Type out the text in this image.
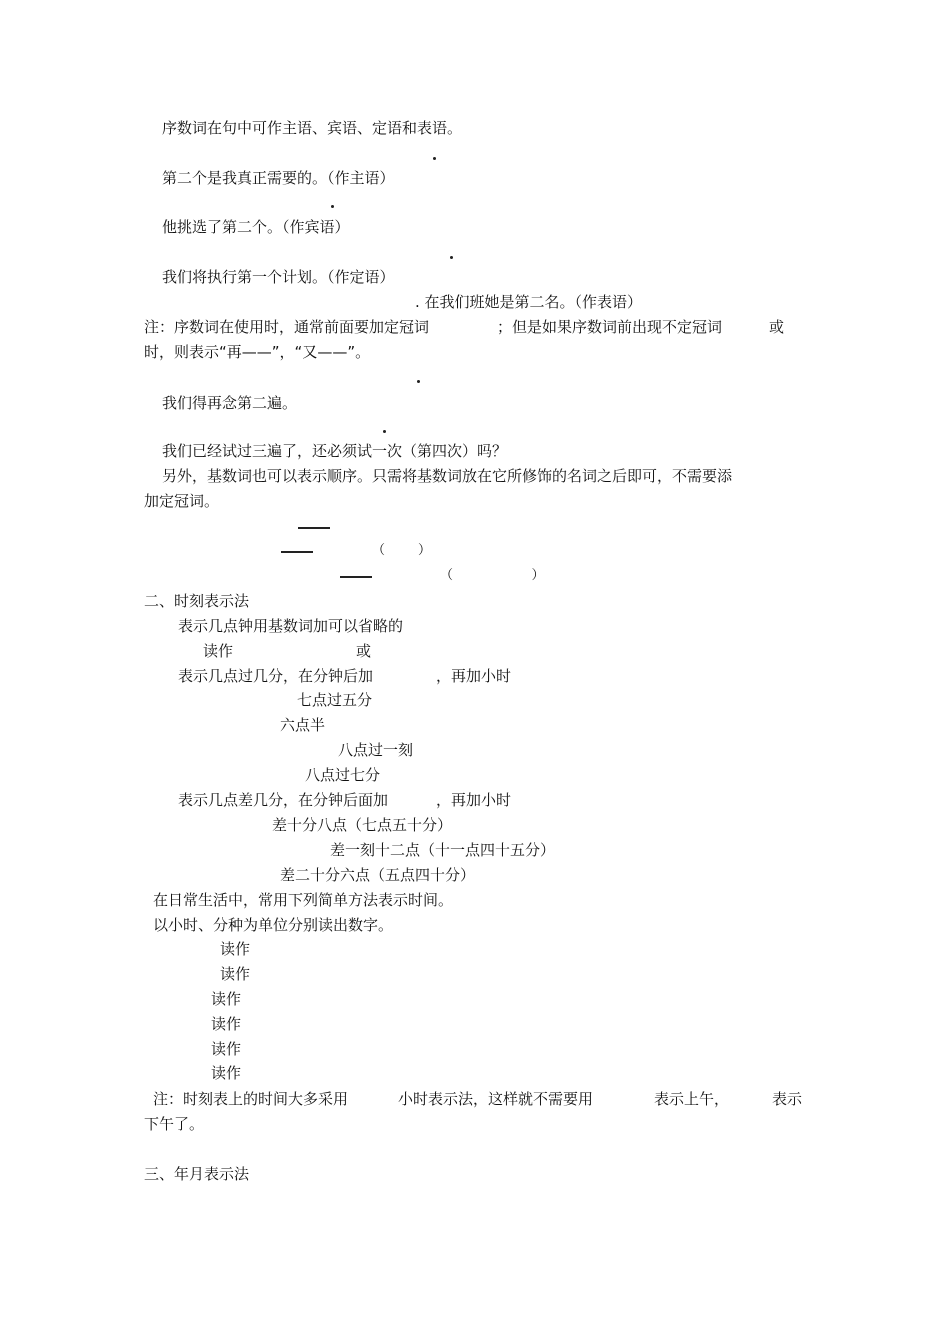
序数词在句中可作主语、宾语、定语和表语。
第二个是我真正需要的。（作主语）
他挑选了第二个。（作宾语）
我们将执行第一个计划。（作定语）
. 在我们班她是第二名。（作表语）
注：序数词在使用时，通常前面要加定冠词	；但是如果序数词前出现不定冠词	或
时，则表示“再——”，“又——”。
我们得再念第二遍。
我们已经试过三遍了，还必须试一次（第四次）吗？
另外，基数词也可以表示顺序。只需将基数词放在它所修饰的名词之后即可，不需要添
加定冠词。
（        ）
（                   ）
二、时刻表示法
表示几点钟用基数词加可以省略的
读作	或
表示几点过几分，在分钟后加	，再加小时
七点过五分
六点半
八点过一刻
八点过七分
表示几点差几分，在分钟后面加	，再加小时
差十分八点（七点五十分）
差一刻十二点（十一点四十五分）
差二十分六点（五点四十分）
在日常生活中，常用下列简单方法表示时间。
以小时、分种为单位分别读出数字。
读作
读作
读作
读作
读作
读作
注：时刻表上的时间大多采用	小时表示法，这样就不需要用	表示上午，	表示
下午了。
三、年月表示法
